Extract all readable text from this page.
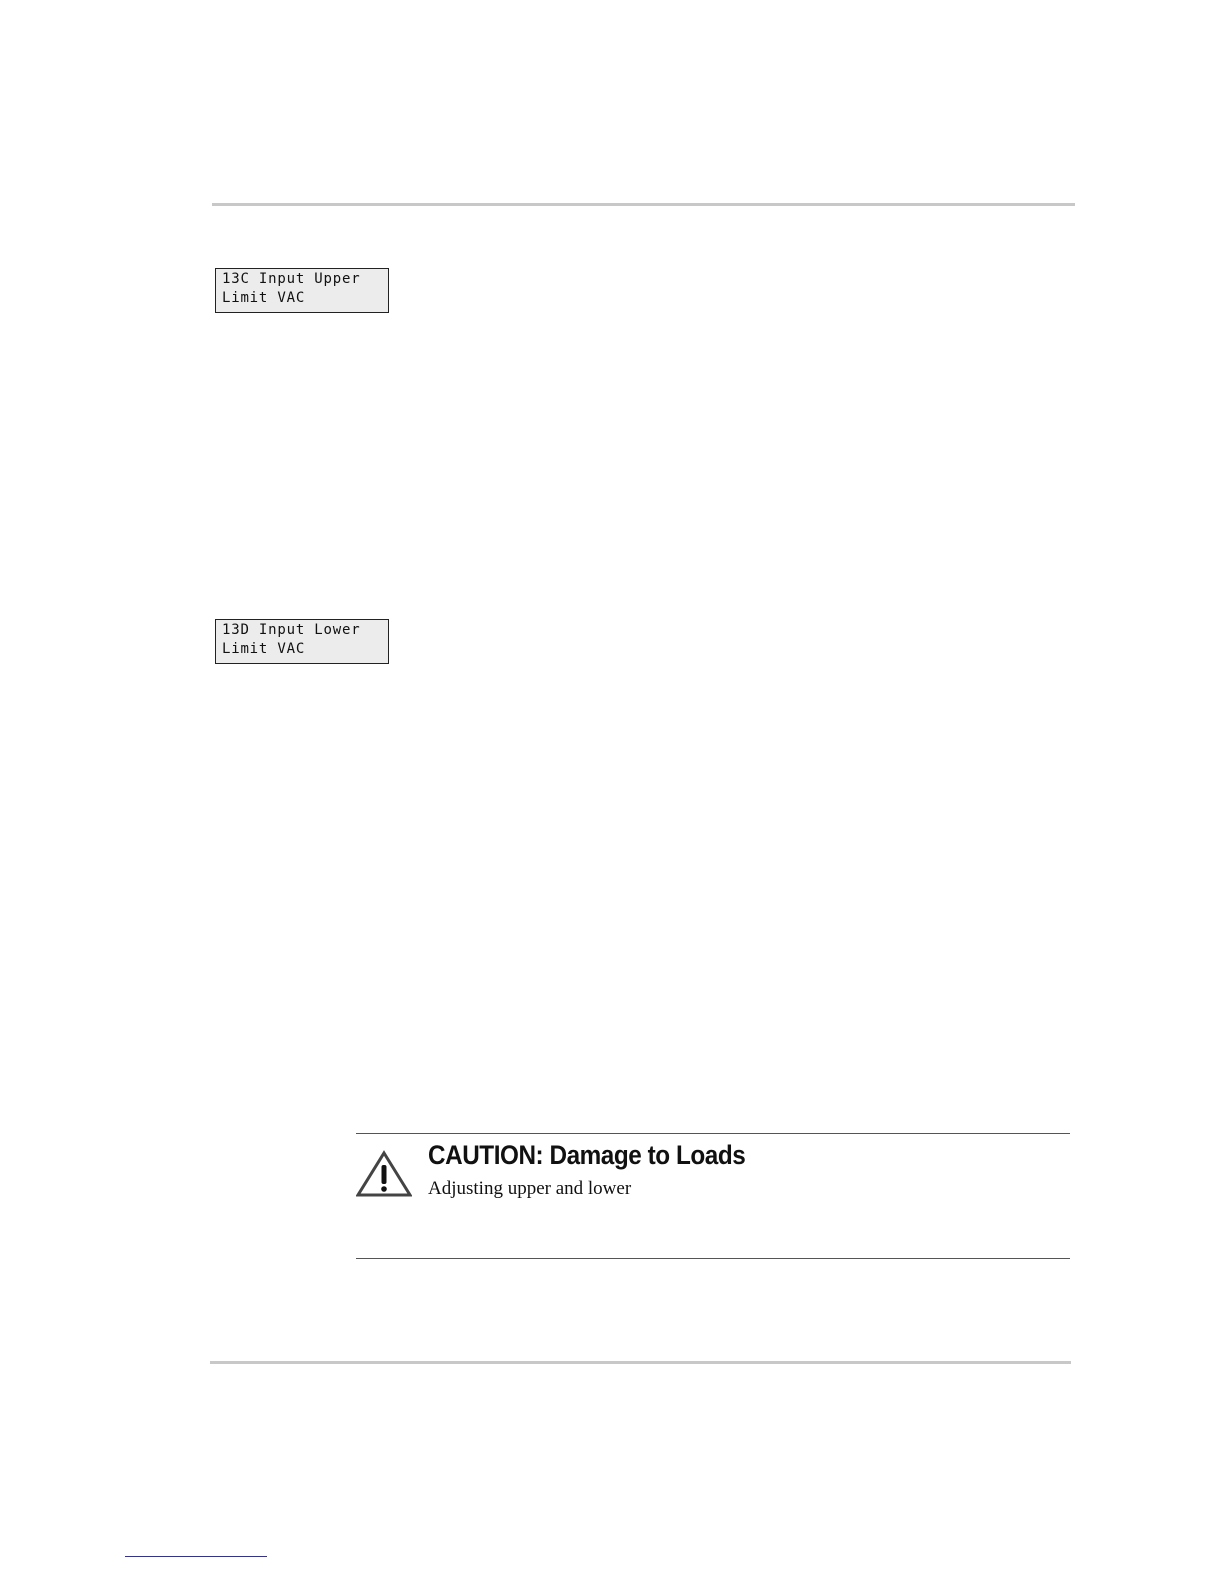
13C Input Upper
Limit VAC
13D Input Lower
Limit VAC
CAUTION: Damage to Loads
Adjusting upper and lower
